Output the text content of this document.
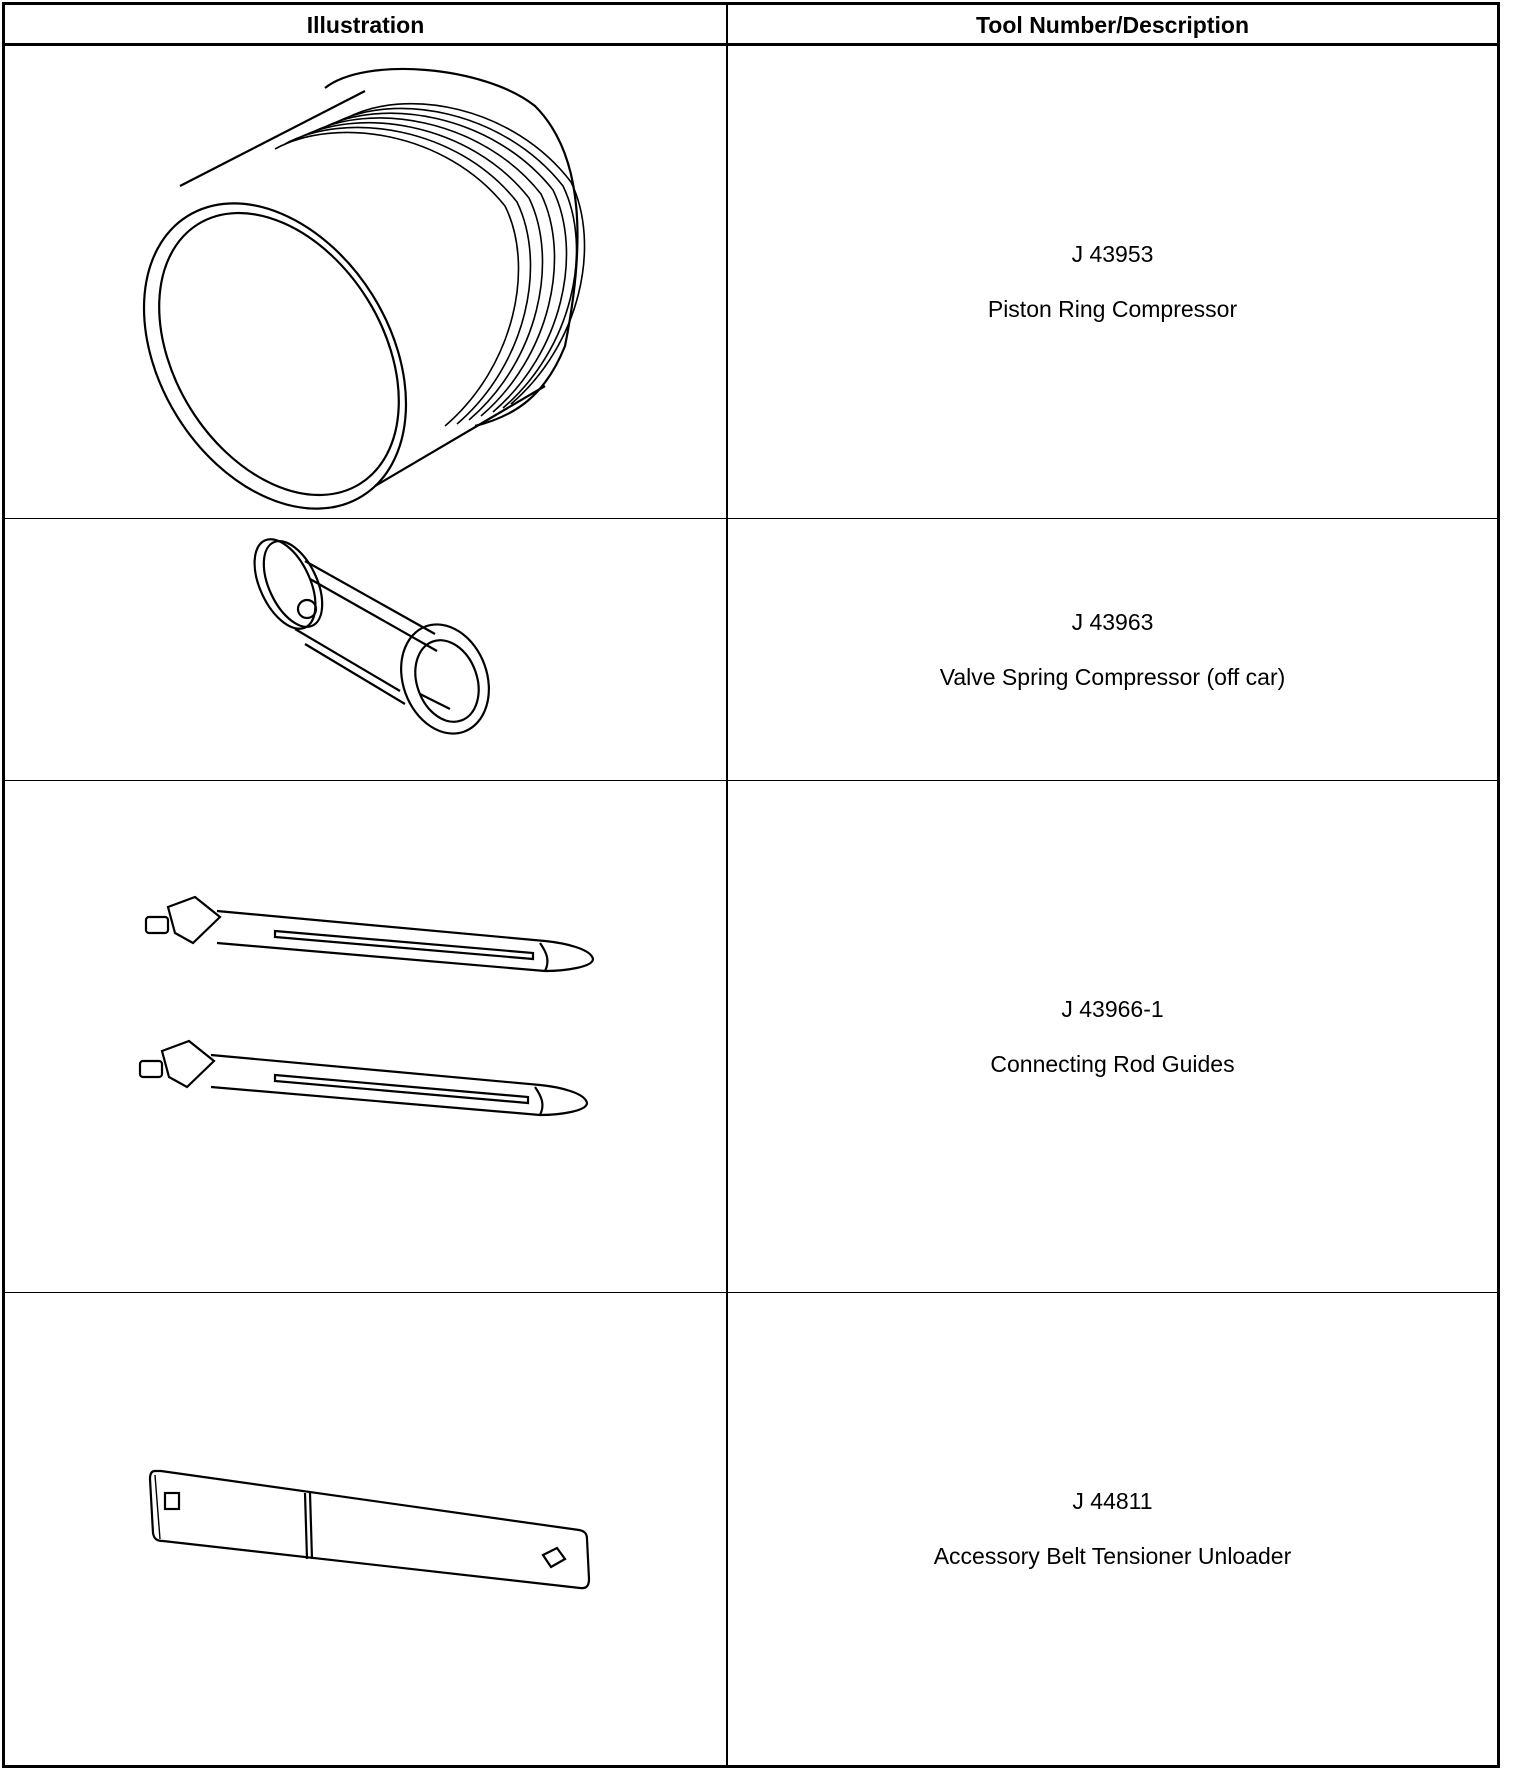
Illustration	Tool Number/Description
J 43953
Piston Ring Compressor
J 43963
Valve Spring Compressor (off car)
J 43966-1
Connecting Rod Guides
J 44811
Accessory Belt Tensioner Unloader
